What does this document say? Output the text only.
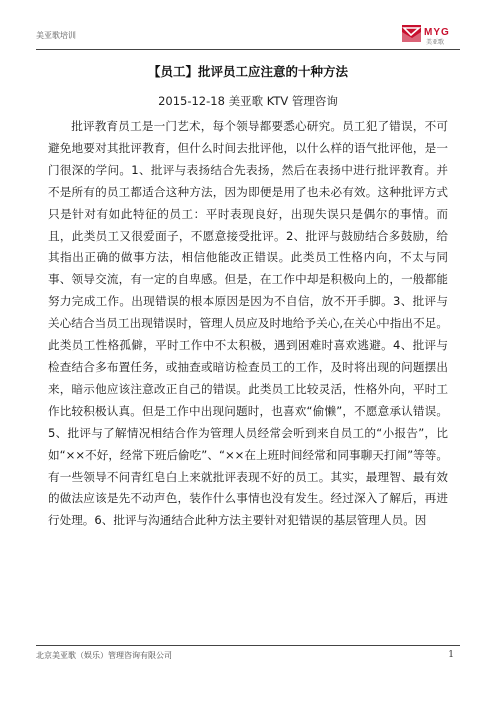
美亚歌培训	MYG
美亚歌
【员工】批评员工应注意的十种方法
2015-12-18 美亚歌 KTV 管理咨询

批评教育员工是一门艺术，每个领导都要悉心研究。员工犯了错误，不可避免地要对其批评教育，但什么时间去批评他，以什么样的语气批评他，是一门很深的学问。1、批评与表扬结合先表扬，然后在表扬中进行批评教育。并不是所有的员工都适合这种方法，因为即便是用了也未必有效。这种批评方式只是针对有如此特征的员工：平时表现良好，出现失误只是偶尔的事情。而且，此类员工又很爱面子，不愿意接受批评。2、批评与鼓励结合多鼓励，给其指出正确的做事方法，相信他能改正错误。此类员工性格内向，不太与同事、领导交流，有一定的自卑感。但是，在工作中却是积极向上的，一般都能努力完成工作。出现错误的根本原因是因为不自信，放不开手脚。3、批评与关心结合当员工出现错误时，管理人员应及时地给予关心,在关心中指出不足。此类员工性格孤僻，平时工作中不太积极，遇到困难时喜欢逃避。4、批评与检查结合多布置任务，或抽查或暗访检查员工的工作，及时将出现的问题摆出来，暗示他应该注意改正自己的错误。此类员工比较灵活，性格外向，平时工作比较积极认真。但是工作中出现问题时，也喜欢“偷懒”，不愿意承认错误。5、批评与了解情况相结合作为管理人员经常会听到来自员工的“小报告”，比如“××不好，经常下班后偷吃”、“××在上班时间经常和同事聊天打闹”等等。有一些领导不问青红皂白上来就批评表现不好的员工。其实，最理智、最有效的做法应该是先不动声色，装作什么事情也没有发生。经过深入了解后，再进行处理。6、批评与沟通结合此种方法主要针对犯错误的基层管理人员。因

北京美亚歌（娱乐）管理咨询有限公司	1
